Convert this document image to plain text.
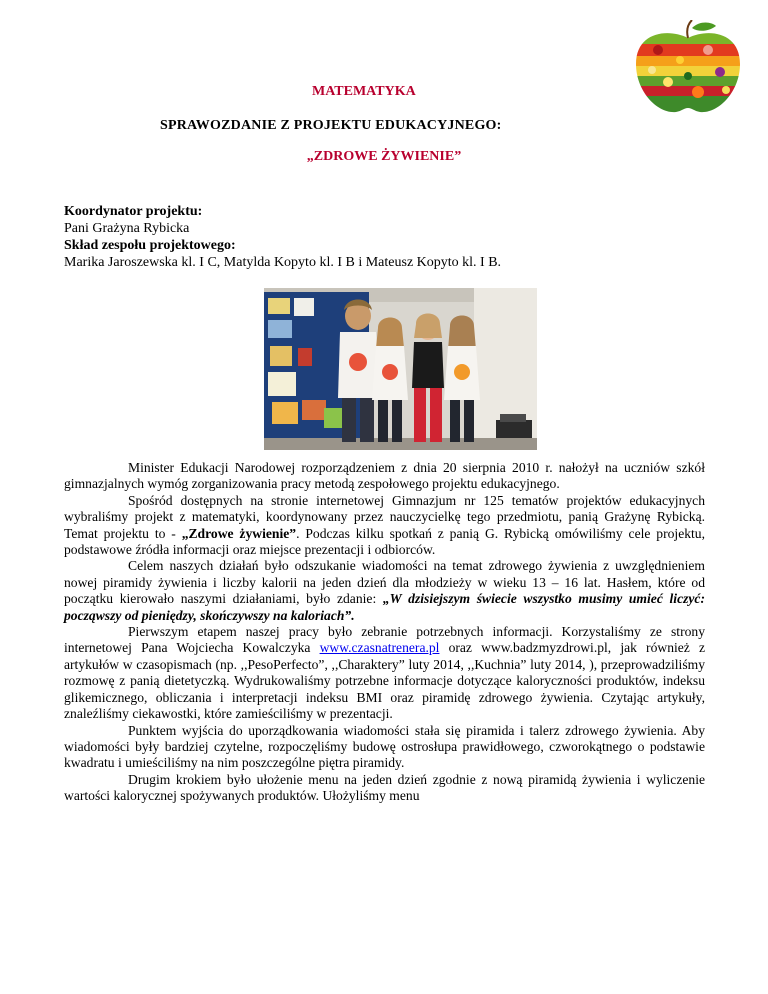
MATEMATYKA
SPRAWOZDANIE Z PROJEKTU EDUKACYJNEGO:
„ZDROWE ŻYWIENIE”
Koordynator projektu:
Pani Grażyna Rybicka
Skład zespołu projektowego:
Marika Jaroszewska kl. I C, Matylda Kopyto kl. I B i Mateusz Kopyto kl. I B.

Minister Edukacji Narodowej rozporządzeniem z dnia 20 sierpnia 2010 r. nałożył na uczniów szkół gimnazjalnych wymóg zorganizowania pracy metodą zespołowego projektu edukacyjnego.

Spośród dostępnych na stronie internetowej Gimnazjum nr 125 tematów projektów edukacyjnych wybraliśmy projekt z matematyki, koordynowany przez nauczycielkę tego przedmiotu, panią Grażynę Rybicką. Temat projektu to - „Zdrowe żywienie”. Podczas kilku spotkań z panią G. Rybicką omówiliśmy cele projektu, podstawowe źródła informacji oraz miejsce prezentacji i odbiorców.

Celem naszych działań było odszukanie wiadomości na temat zdrowego żywienia z uwzględnieniem nowej piramidy żywienia i liczby kalorii na jeden dzień dla młodzieży w wieku 13 – 16 lat. Hasłem, które od początku kierowało naszymi działaniami, było zdanie: „W dzisiejszym świecie wszystko musimy umieć liczyć: począwszy od pieniędzy, skończywszy na kaloriach”.

Pierwszym etapem naszej pracy było zebranie potrzebnych informacji. Korzystaliśmy ze strony internetowej Pana Wojciecha Kowalczyka www.czasnatrenera.pl oraz www.badzmyzdrowi.pl, jak również z artykułów w czasopismach (np. ,,PesoPerfecto”, ,,Charaktery” luty 2014, ,,Kuchnia” luty 2014, ), przeprowadziliśmy rozmowę z panią dietetyczką. Wydrukowaliśmy potrzebne informacje dotyczące kaloryczności produktów, indeksu glikemicznego, obliczania i interpretacji indeksu BMI oraz piramidę zdrowego żywienia. Czytając artykuły, znaleźliśmy ciekawostki, które zamieściliśmy w prezentacji.

Punktem wyjścia do uporządkowania wiadomości stała się piramida i talerz zdrowego żywienia. Aby wiadomości były bardziej czytelne, rozpoczęliśmy budowę ostrosłupa prawidłowego, czworokątnego o podstawie kwadratu i umieściliśmy na nim poszczególne piętra piramidy.

Drugim krokiem było ułożenie menu na jeden dzień zgodnie z nową piramidą żywienia i wyliczenie wartości kalorycznej spożywanych produktów. Ułożyliśmy menu
